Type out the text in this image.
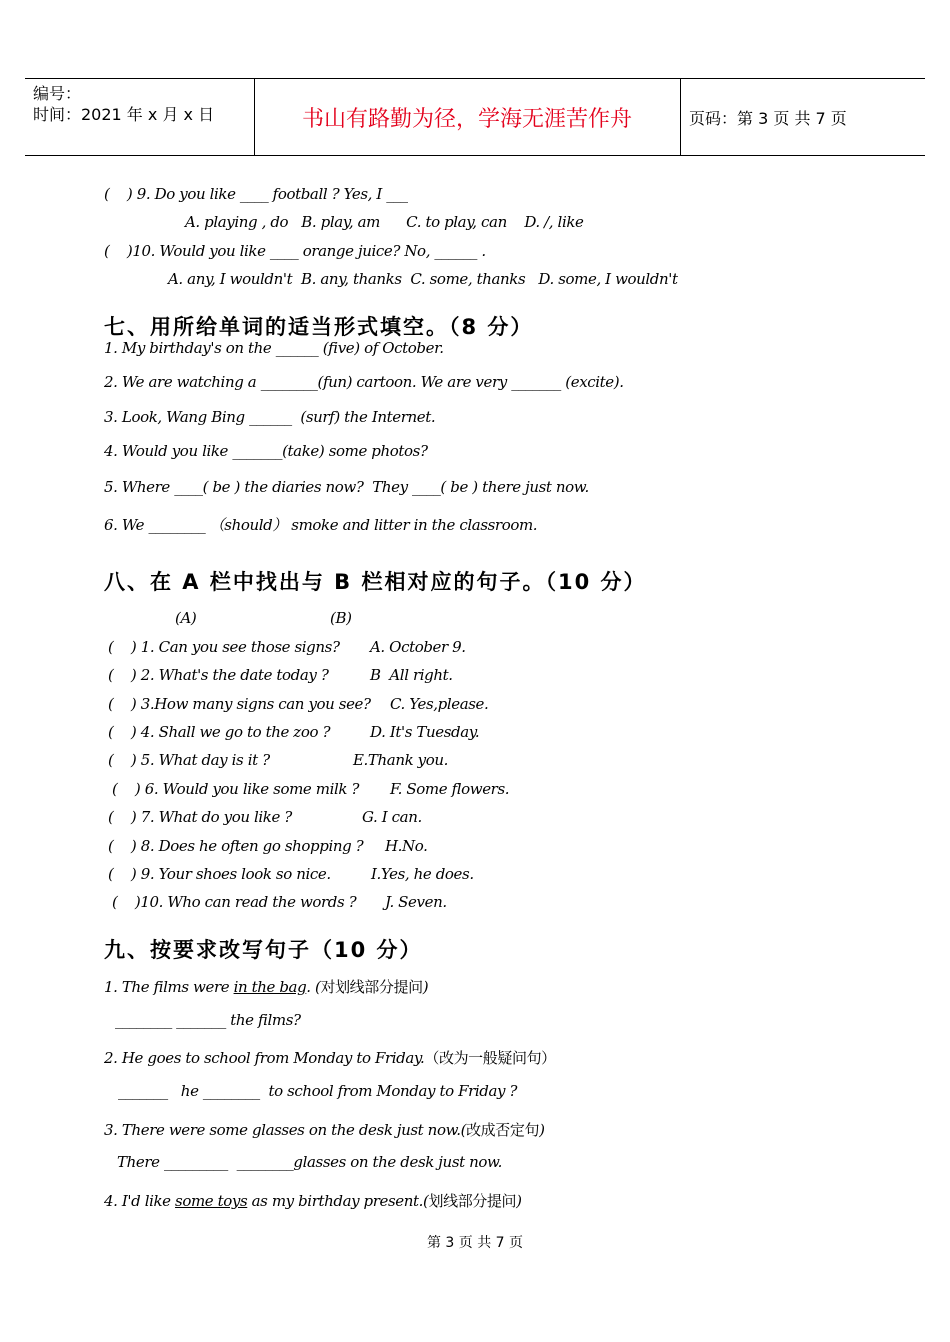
编号：
时间：2021 年 x 月 x 日	书山有路勤为径，学海无涯苦作舟	页码：第 3 页 共 7 页
(    ) 9. Do you like ____ football ? Yes, I ___
A. playing , do   B. play, am      C. to play, can    D. /, like
(    )10. Would you like ____ orange juice? No, ______ .
A. any, I wouldn't  B. any, thanks  C. some, thanks   D. some, I wouldn't
七、用所给单词的适当形式填空。（8 分）
1. My birthday's on the ______ (five) of October.
2. We are watching a ________(fun) cartoon. We are very _______ (excite).
3. Look, Wang Bing ______  (surf) the Internet.
4. Would you like _______(take) some photos?
5. Where ____( be ) the diaries now?  They ____( be ) there just now.
6. We ________ （should） smoke and litter in the classroom.
八、在 A 栏中找出与 B 栏相对应的句子。（10 分）
(A)	(B)
(    ) 1. Can you see those signs? A. October 9.
(    ) 2. What's the date today ?	B  All right.
(    ) 3.How many signs can you see? C. Yes,please.
(    ) 4. Shall we go to the zoo ?	D. It's Tuesday.
(    ) 5. What day is it ?	E.Thank you.
(    ) 6. Would you like some milk ? F. Some flowers.
(    ) 7. What do you like ?	G. I can.
(    ) 8. Does he often go shopping ? H.No.
(    ) 9. Your shoes look so nice.	I.Yes, he does.
(    )10. Who can read the words ? J. Seven.
九、按要求改写句子（10 分）
1. The films were in the bag. (对划线部分提问)
________ _______ the films?
2. He goes to school from Monday to Friday.（改为一般疑问句）
_______   he ________  to school from Monday to Friday ?
3. There were some glasses on the desk just now.(改成否定句)
There _________  ________glasses on the desk just now.
4. I'd like some toys as my birthday present.(划线部分提问)
第 3 页 共 7 页
